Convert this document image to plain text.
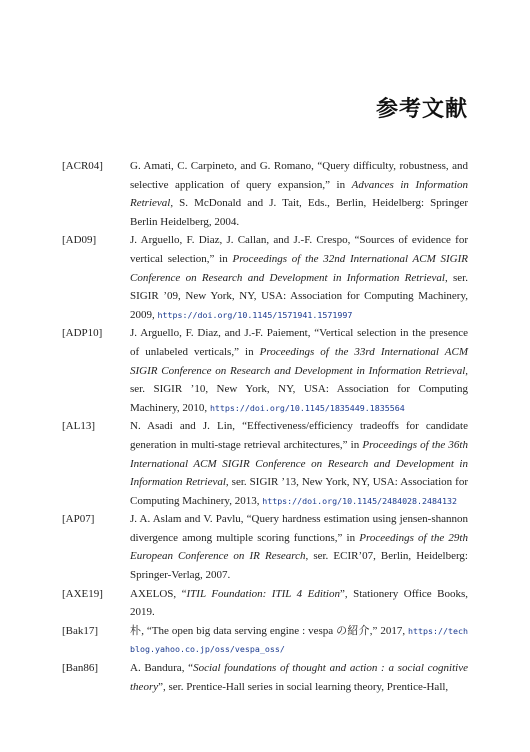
参考文献
[ACR04]	G. Amati, C. Carpineto, and G. Romano, “Query difficulty, robustness, and selective application of query expansion,” in Advances in Information Retrieval, S. McDonald and J. Tait, Eds., Berlin, Heidelberg: Springer Berlin Heidelberg, 2004.
[AD09]	J. Arguello, F. Diaz, J. Callan, and J.-F. Crespo, “Sources of evidence for vertical selection,” in Proceedings of the 32nd International ACM SIGIR Conference on Research and Development in Information Retrieval, ser. SIGIR ’09, New York, NY, USA: Association for Computing Machinery, 2009, https://doi.org/10.1145/1571941.1571997
[ADP10]	J. Arguello, F. Diaz, and J.-F. Paiement, “Vertical selection in the presence of unlabeled verticals,” in Proceedings of the 33rd International ACM SIGIR Conference on Research and Development in Information Retrieval, ser. SIGIR ’10, New York, NY, USA: Association for Computing Machinery, 2010, https://doi.org/10.1145/1835449.1835564
[AL13]	N. Asadi and J. Lin, “Effectiveness/efficiency tradeoffs for candidate generation in multi-stage retrieval architectures,” in Proceedings of the 36th International ACM SIGIR Conference on Research and Development in Information Retrieval, ser. SIGIR ’13, New York, NY, USA: Association for Computing Machinery, 2013, https://doi.org/10.1145/2484028.2484132
[AP07]	J. A. Aslam and V. Pavlu, “Query hardness estimation using jensen-shannon divergence among multiple scoring functions,” in Proceedings of the 29th European Conference on IR Research, ser. ECIR’07, Berlin, Heidelberg: Springer-Verlag, 2007.
[AXE19]	AXELOS, “ITIL Foundation: ITIL 4 Edition”, Stationery Office Books, 2019.
[Bak17]	朴, “The open big data serving engine : vespa の紹介,” 2017, https://techblog.yahoo.co.jp/oss/vespa_oss/
[Ban86]	A. Bandura, “Social foundations of thought and action : a social cognitive theory”, ser. Prentice-Hall series in social learning theory, Prentice-Hall,
